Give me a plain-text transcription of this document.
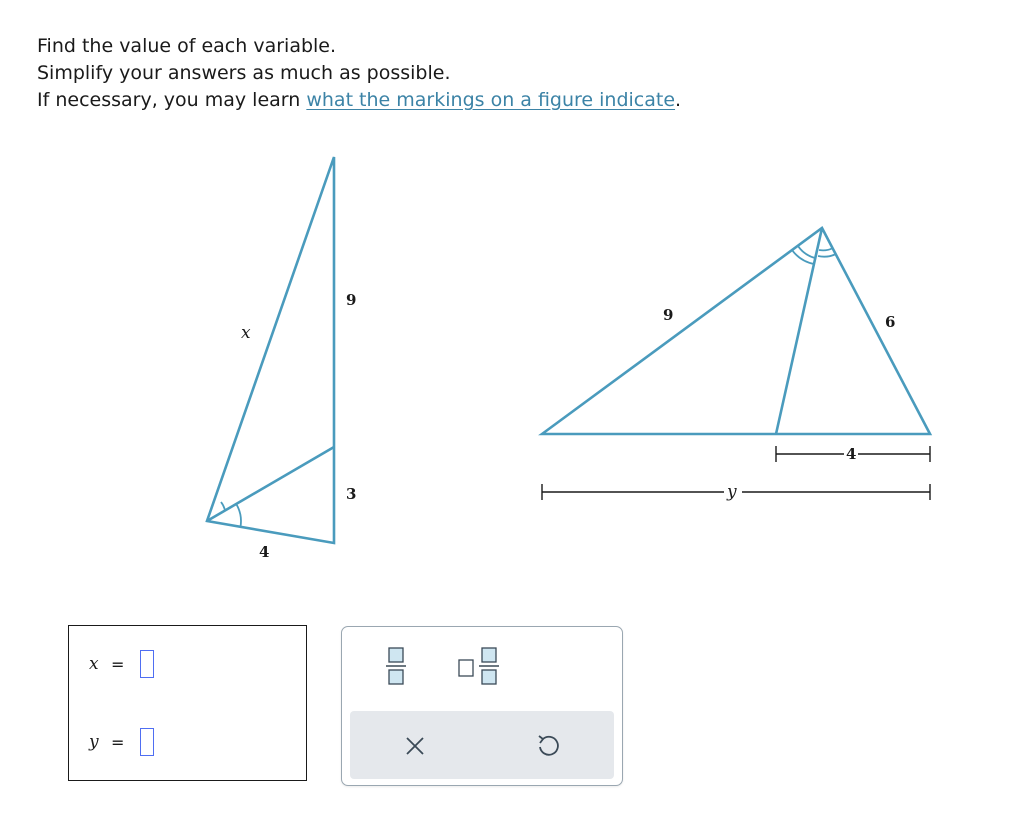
Find the value of each variable.
Simplify your answers as much as possible.
If necessary, you may learn what the markings on a figure indicate.
x
9
3
4
9	6
4
y
x =
y =
